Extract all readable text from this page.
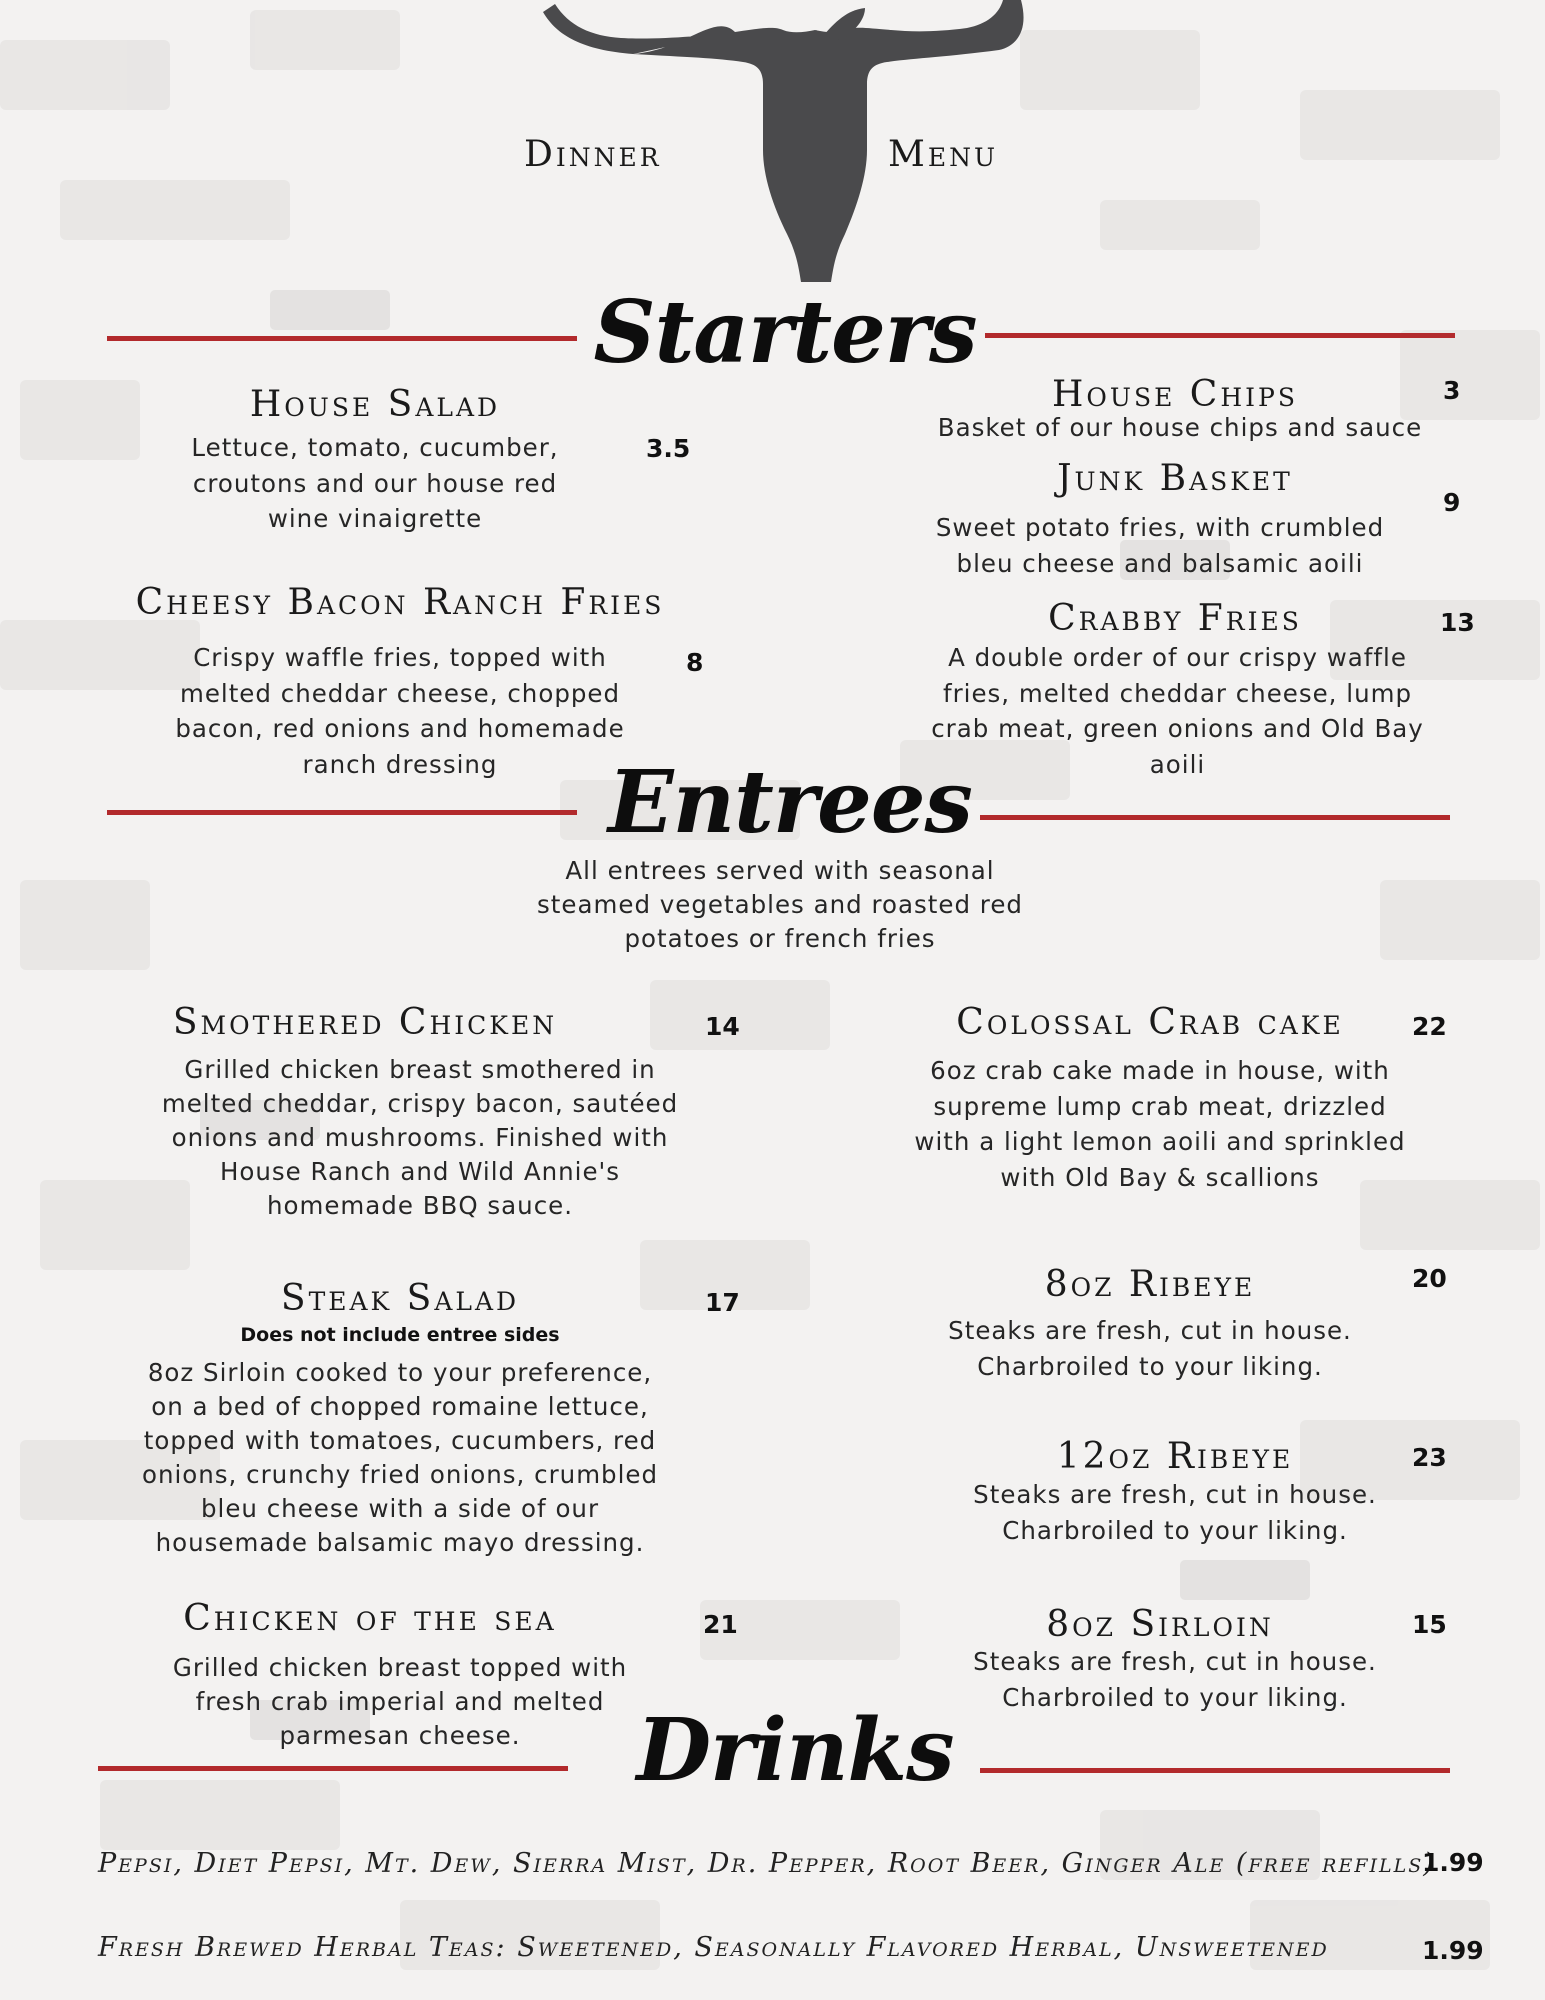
Dinner	Menu
Starters
House Salad
3.5
Lettuce, tomato, cucumber,
croutons and our house red
wine vinaigrette
Cheesy Bacon Ranch Fries
8
Crispy waffle fries, topped with
melted cheddar cheese, chopped
bacon, red onions and homemade
ranch dressing
House Chips	3
Basket of our house chips and sauce
Junk Basket
9
Sweet potato fries, with crumbled
bleu cheese and balsamic aoili
Crabby Fries	13
A double order of our crispy waffle
fries, melted cheddar cheese, lump
crab meat, green onions and Old Bay
aoili
Entrees
All entrees served with seasonal
steamed vegetables and roasted red
potatoes or french fries
Smothered Chicken	14
Grilled chicken breast smothered in
melted cheddar, crispy bacon, sautéed
onions and mushrooms. Finished with
House Ranch and Wild Annie's
homemade BBQ sauce.
Steak Salad	17
Does not include entree sides
8oz Sirloin cooked to your preference,
on a bed of chopped romaine lettuce,
topped with tomatoes, cucumbers, red
onions, crunchy fried onions, crumbled
bleu cheese with a side of our
housemade balsamic mayo dressing.
Chicken of the sea	21
Grilled chicken breast topped with
fresh crab imperial and melted
parmesan cheese.
Colossal Crab cake	22
6oz crab cake made in house, with
supreme lump crab meat, drizzled
with a light lemon aoili and sprinkled
with Old Bay & scallions
8oz Ribeye	20
Steaks are fresh, cut in house.
Charbroiled to your liking.
12oz Ribeye	23
Steaks are fresh, cut in house.
Charbroiled to your liking.
8oz Sirloin	15
Steaks are fresh, cut in house.
Charbroiled to your liking.
Drinks
Pepsi, Diet Pepsi, Mt. Dew, Sierra Mist, Dr. Pepper, Root Beer, Ginger Ale (free refills)
1.99
Fresh Brewed Herbal Teas: Sweetened, Seasonally Flavored Herbal, Unsweetened	1.99
